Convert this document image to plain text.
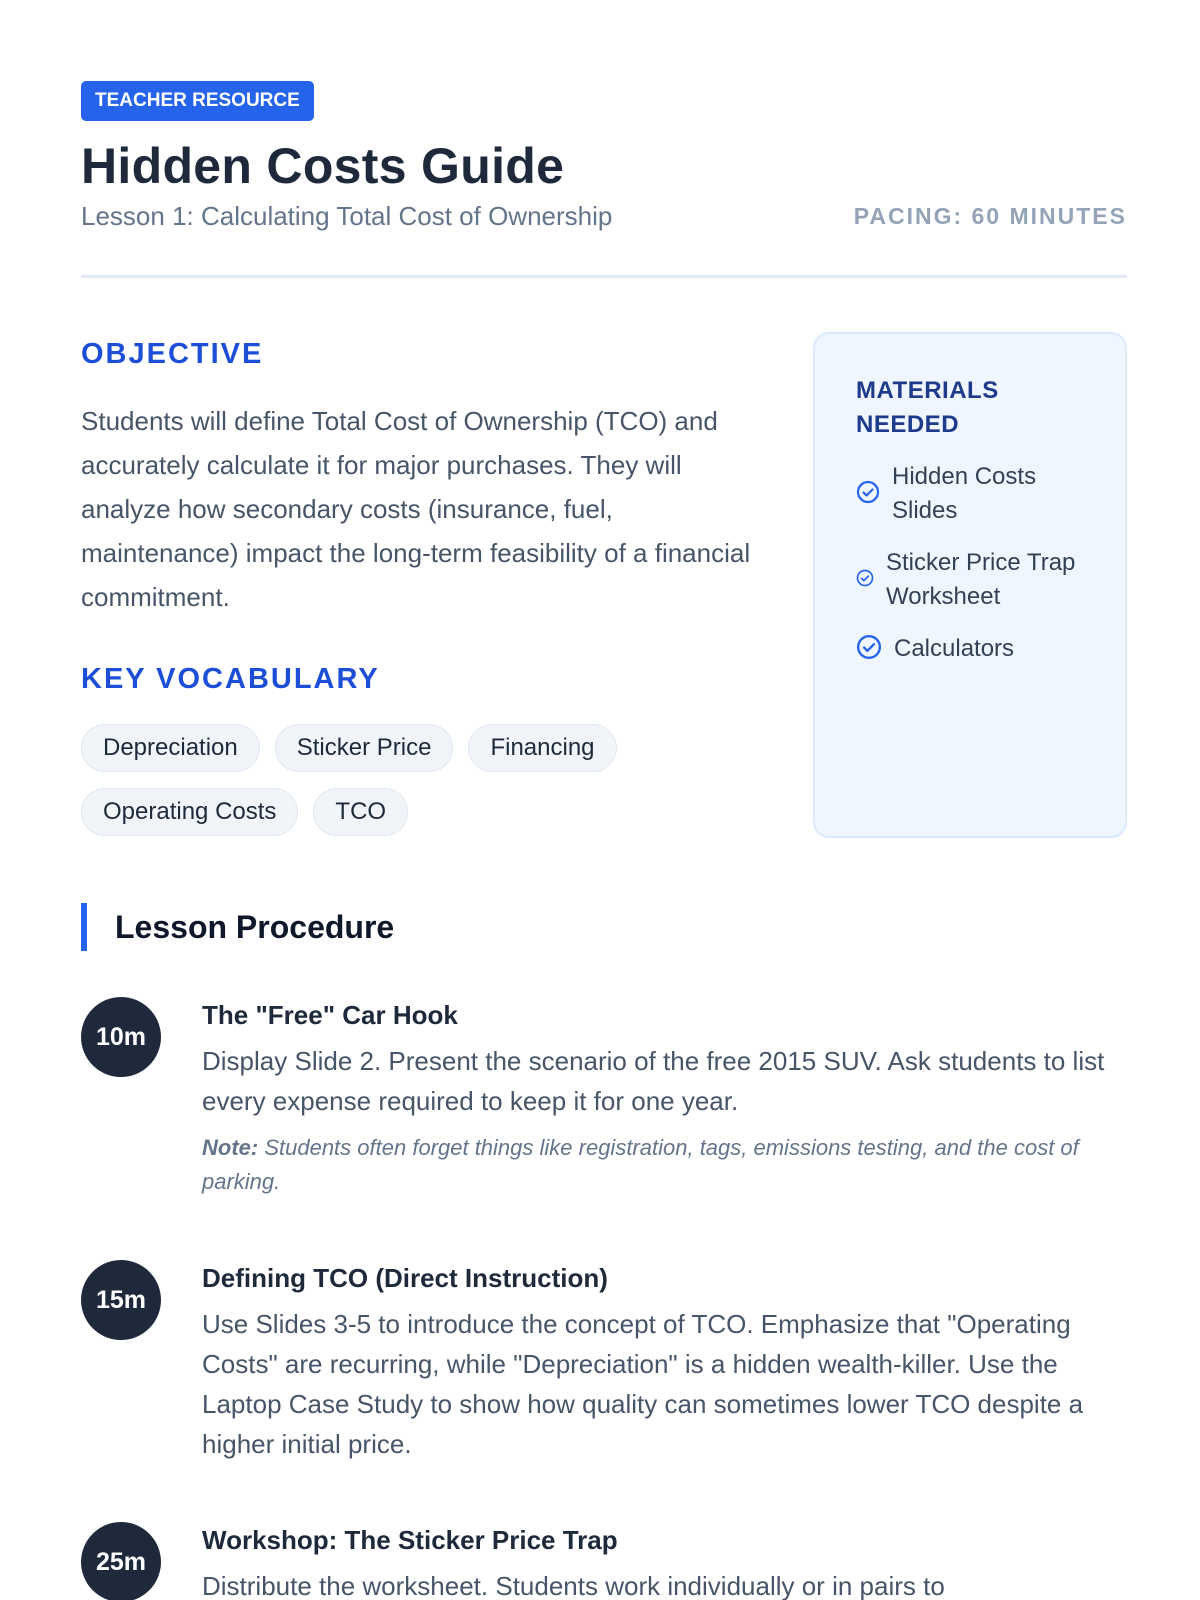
TEACHER RESOURCE
Hidden Costs Guide
Lesson 1: Calculating Total Cost of Ownership	PACING: 60 MINUTES
OBJECTIVE

Students will define Total Cost of Ownership (TCO) and accurately calculate it for major purchases. They will analyze how secondary costs (insurance, fuel, maintenance) impact the long-term feasibility of a financial commitment.

KEY VOCABULARY
Depreciation	Sticker Price	Financing
Operating Costs	TCO
MATERIALS NEEDED
Hidden Costs Slides
Sticker Price Trap Worksheet
Calculators
Lesson Procedure
10m
The "Free" Car Hook

Display Slide 2. Present the scenario of the free 2015 SUV. Ask students to list every expense required to keep it for one year.

Note: Students often forget things like registration, tags, emissions testing, and the cost of parking.

15m
Defining TCO (Direct Instruction)

Use Slides 3-5 to introduce the concept of TCO. Emphasize that "Operating Costs" are recurring, while "Depreciation" is a hidden wealth-killer. Use the Laptop Case Study to show how quality can sometimes lower TCO despite a higher initial price.

25m
Workshop: The Sticker Price Trap

Distribute the worksheet. Students work individually or in pairs to
